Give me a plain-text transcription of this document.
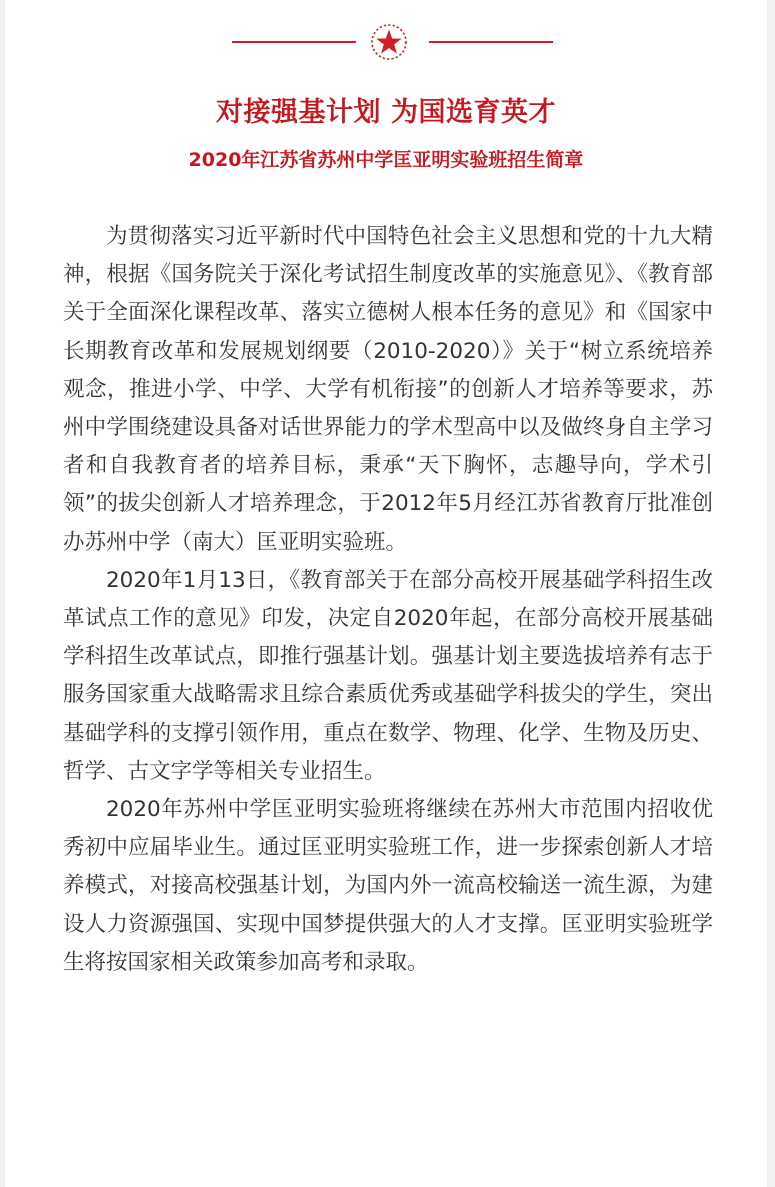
对接强基计划 为国选育英才
2020年江苏省苏州中学匡亚明实验班招生简章

为贯彻落实习近平新时代中国特色社会主义思想和党的十九大精神，根据《国务院关于深化考试招生制度改革的实施意见》、《教育部关于全面深化课程改革、落实立德树人根本任务的意见》和《国家中长期教育改革和发展规划纲要（2010-2020）》关于“树立系统培养观念，推进小学、中学、大学有机衔接”的创新人才培养等要求，苏州中学围绕建设具备对话世界能力的学术型高中以及做终身自主学习者和自我教育者的培养目标，秉承“天下胸怀，志趣导向，学术引领”的拔尖创新人才培养理念，于2012年5月经江苏省教育厅批准创办苏州中学（南大）匡亚明实验班。

2020年1月13日，《教育部关于在部分高校开展基础学科招生改革试点工作的意见》印发，决定自2020年起，在部分高校开展基础学科招生改革试点，即推行强基计划。强基计划主要选拔培养有志于服务国家重大战略需求且综合素质优秀或基础学科拔尖的学生，突出基础学科的支撑引领作用，重点在数学、物理、化学、生物及历史、哲学、古文字学等相关专业招生。

2020年苏州中学匡亚明实验班将继续在苏州大市范围内招收优秀初中应届毕业生。通过匡亚明实验班工作，进一步探索创新人才培养模式，对接高校强基计划，为国内外一流高校输送一流生源，为建设人力资源强国、实现中国梦提供强大的人才支撑。匡亚明实验班学生将按国家相关政策参加高考和录取。
